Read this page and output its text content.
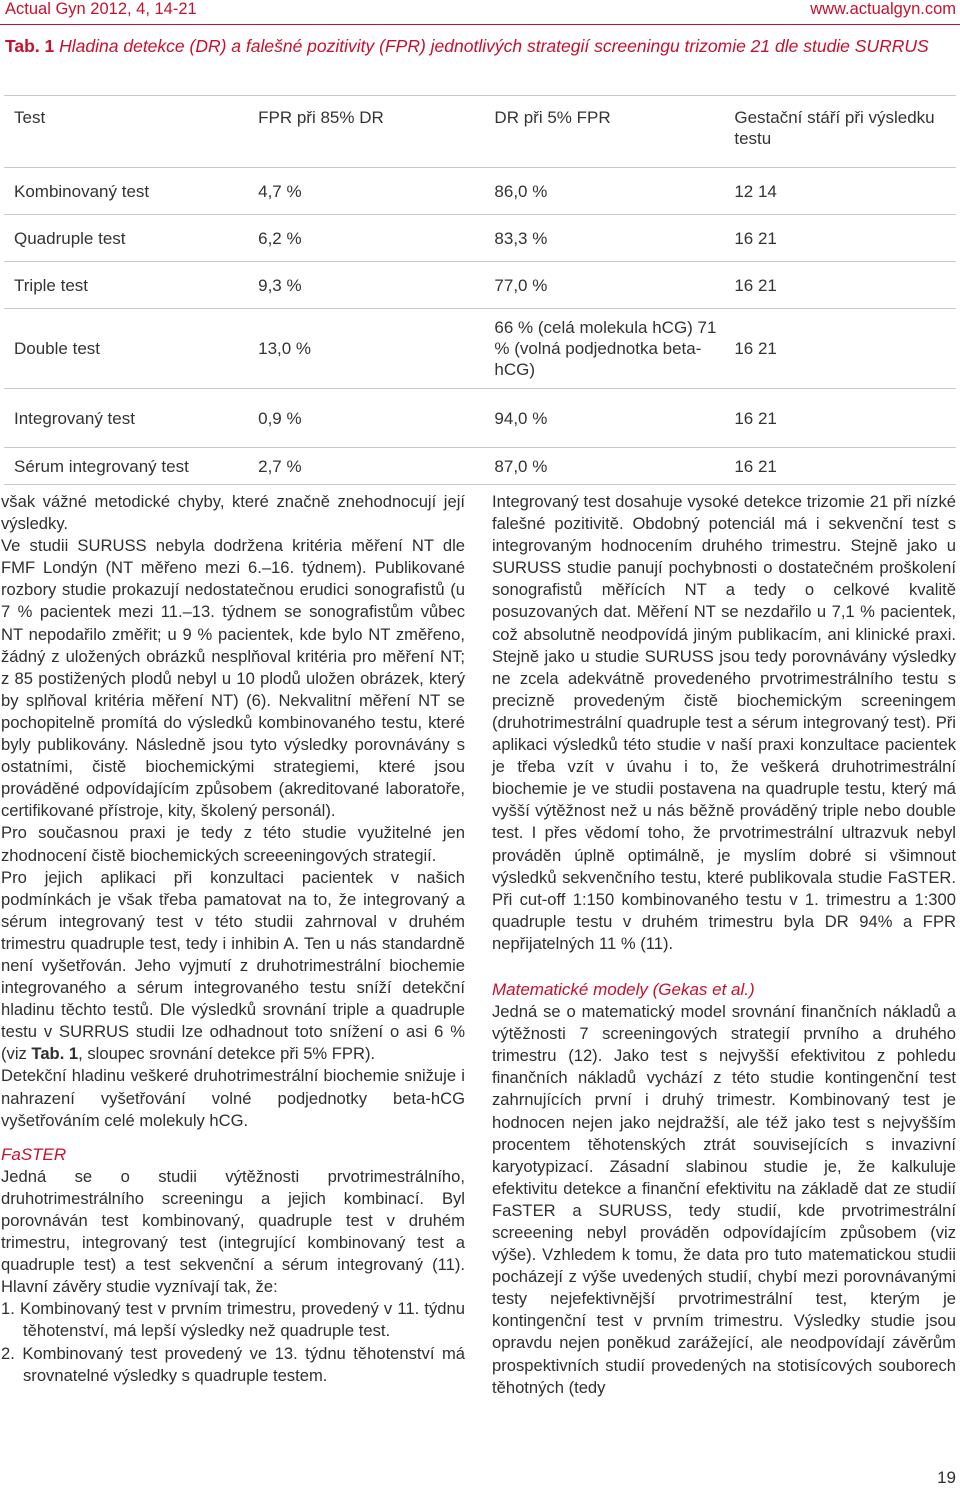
Actual Gyn 2012, 4, 14-21	www.actualgyn.com
Tab. 1 Hladina detekce (DR) a falešné pozitivity (FPR) jednotlivých strategií screeningu trizomie 21 dle studie SURRUS
Test	FPR při 85% DR	DR při 5% FPR	Gestační stáří při výsledku testu
Kombinovaný test	4,7 %	86,0 %	12 14
Quadruple test	6,2 %	83,3 %	16 21
Triple test	9,3 %	77,0 %	16 21
Double test	13,0 %	66 % (celá molekula hCG) 71 % (volná podjednotka beta-hCG)	16 21
Integrovaný test	0,9 %	94,0 %	16 21
Sérum integrovaný test	2,7 %	87,0 %	16 21

však vážné metodické chyby, které značně znehodnocují její výsledky.

Ve studii SURUSS nebyla dodržena kritéria měření NT dle FMF Londýn (NT měřeno mezi 6.–16. týdnem). Publikované rozbory studie prokazují nedostatečnou erudici sonografistů (u 7 % pacientek mezi 11.–13. týdnem se sonografistům vůbec NT nepodařilo změřit; u 9 % pacientek, kde bylo NT změřeno, žádný z uložených obrázků nesplňoval kritéria pro měření NT; z 85 postižených plodů nebyl u 10 plodů uložen obrázek, který by splňoval kritéria měření NT) (6). Nekvalitní měření NT se pochopitelně promítá do výsledků kombinovaného testu, které byly publikovány. Následně jsou tyto výsledky porovnávány s ostatními, čistě biochemickými strategiemi, které jsou prováděné odpovídajícím způsobem (akreditované laboratoře, certifikované přístroje, kity, školený personál).

Pro současnou praxi je tedy z této studie využitelné jen zhodnocení čistě biochemických screeeningových strategií.

Pro jejich aplikaci při konzultaci pacientek v našich podmínkách je však třeba pamatovat na to, že integrovaný a sérum integrovaný test v této studii zahrnoval v druhém trimestru quadruple test, tedy i inhibin A. Ten u nás standardně není vyšetřován. Jeho vyjmutí z druhotrimestrální biochemie integrovaného a sérum integrovaného testu sníží detekční hladinu těchto testů. Dle výsledků srovnání triple a quadruple testu v SURRUS studii lze odhadnout toto snížení o asi 6 % (viz Tab. 1, sloupec srovnání detekce při 5% FPR).

Detekční hladinu veškeré druhotrimestrální biochemie snižuje i nahrazení vyšetřování volné podjednotky beta-hCG vyšetřováním celé molekuly hCG.

FaSTER

Jedná se o studii výtěžnosti prvotrimestrálního, druhotrimestrálního screeningu a jejich kombinací. Byl porovnáván test kombinovaný, quadruple test v druhém trimestru, integrovaný test (integrující kombinovaný test a quadruple test) a test sekvenční a sérum integrovaný (11). Hlavní závěry studie vyznívají tak, že:

1. Kombinovaný test v prvním trimestru, provedený v 11. týdnu těhotenství, má lepší výsledky než quadruple test.
2. Kombinovaný test provedený ve 13. týdnu těhotenství má srovnatelné výsledky s quadruple testem.

Integrovaný test dosahuje vysoké detekce trizomie 21 při nízké falešné pozitivitě. Obdobný potenciál má i sekvenční test s integrovaným hodnocením druhého trimestru. Stejně jako u SURUSS studie panují pochybnosti o dostatečném proškolení sonografistů měřících NT a tedy o celkové kvalitě posuzovaných dat. Měření NT se nezdařilo u 7,1 % pacientek, což absolutně neodpovídá jiným publikacím, ani klinické praxi. Stejně jako u studie SURUSS jsou tedy porovnávány výsledky ne zcela adekvátně provedeného prvotrimestrálního testu s precizně provedeným čistě biochemickým screeningem (druhotrimestrální quadruple test a sérum integrovaný test). Při aplikaci výsledků této studie v naší praxi konzultace pacientek je třeba vzít v úvahu i to, že veškerá druhotrimestrální biochemie je ve studii postavena na quadruple testu, který má vyšší výtěžnost než u nás běžně prováděný triple nebo double test. I přes vědomí toho, že prvotrimestrální ultrazvuk nebyl prováděn úplně optimálně, je myslím dobré si všimnout výsledků sekvenčního testu, které publikovala studie FaSTER. Při cut-off 1:150 kombinovaného testu v 1. trimestru a 1:300 quadruple testu v druhém trimestru byla DR 94% a FPR nepřijatelných 11 % (11).

Matematické modely (Gekas et al.)

Jedná se o matematický model srovnání finančních nákladů a výtěžnosti 7 screeningových strategií prvního a druhého trimestru (12). Jako test s nejvyšší efektivitou z pohledu finančních nákladů vychází z této studie kontingenční test zahrnujících první i druhý trimestr. Kombinovaný test je hodnocen nejen jako nejdražší, ale též jako test s nejvyšším procentem těhotenských ztrát souvisejících s invazivní karyotypizací. Zásadní slabinou studie je, že kalkuluje efektivitu detekce a finanční efektivitu na základě dat ze studií FaSTER a SURUSS, tedy studií, kde prvotrimestrální screeening nebyl prováděn odpovídajícím způsobem (viz výše). Vzhledem k tomu, že data pro tuto matematickou studii pocházejí z výše uvedených studií, chybí mezi porovnávanými testy nejefektivnější prvotrimestrální test, kterým je kontingenční test v prvním trimestru. Výsledky studie jsou opravdu nejen poněkud zarážející, ale neodpovídají závěrům prospektivních studií provedených na stotisícových souborech těhotných (tedy

19
